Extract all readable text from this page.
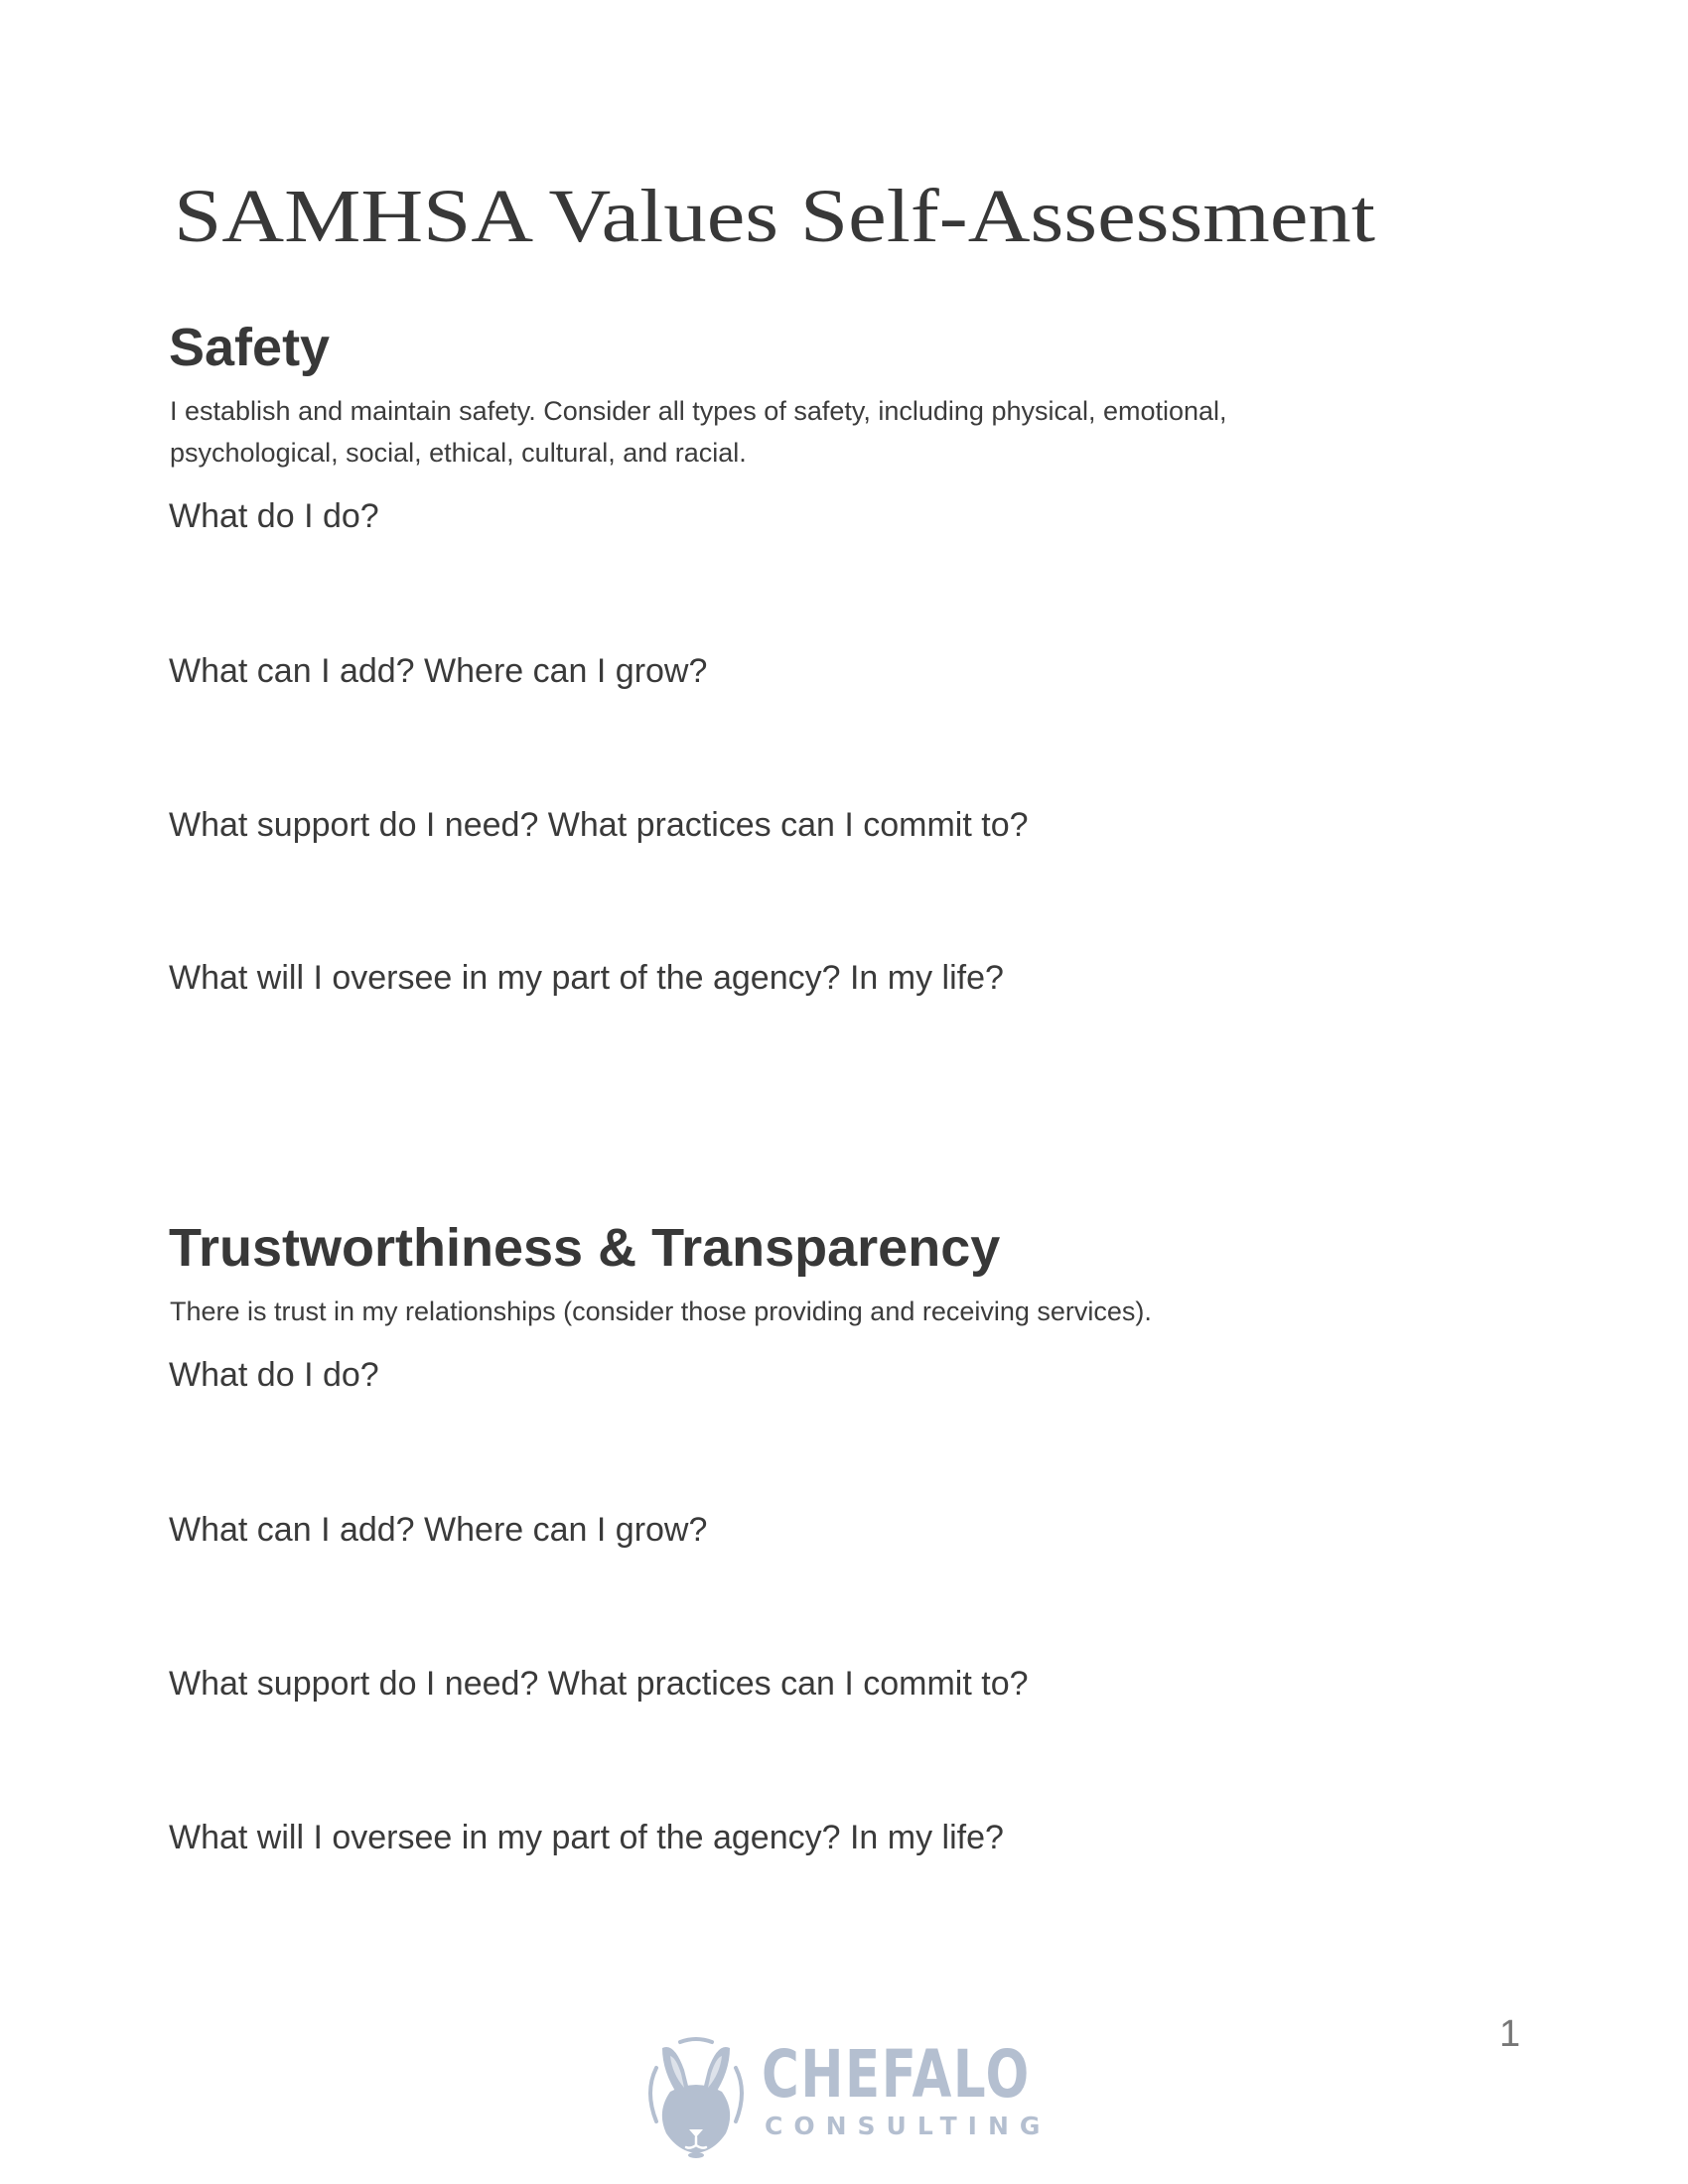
SAMHSA Values Self-Assessment
Safety
I establish and maintain safety. Consider all types of safety, including physical, emotional,
psychological, social, ethical, cultural, and racial.
What do I do?
What can I add? Where can I grow?
What support do I need? What practices can I commit to?
What will I oversee in my part of the agency? In my life?
Trustworthiness & Transparency
There is trust in my relationships (consider those providing and receiving services).
What do I do?
What can I add? Where can I grow?
What support do I need? What practices can I commit to?
What will I oversee in my part of the agency? In my life?
1
CHEFALO
CONSULTING
